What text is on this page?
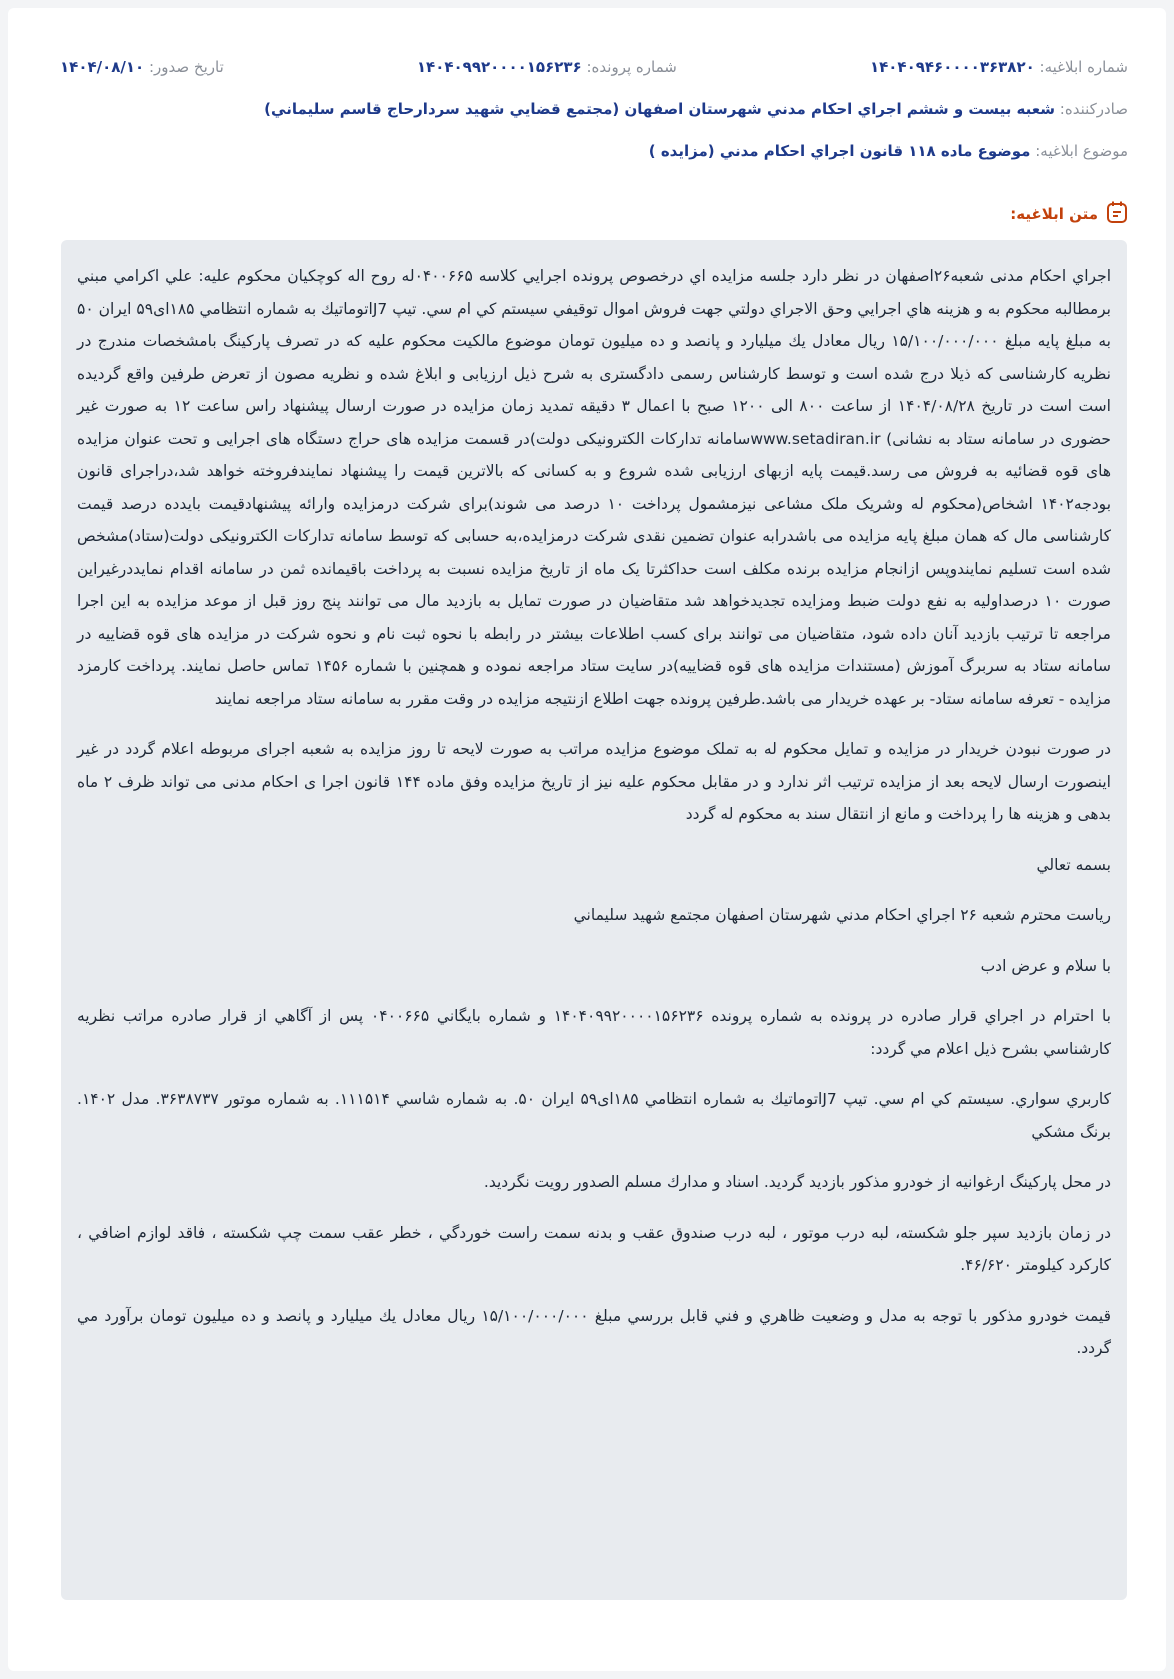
شماره ابلاغیه: ۱۴۰۴۰۹۴۶۰۰۰۰۳۶۳۸۲۰
شماره پرونده: ۱۴۰۴۰۹۹۲۰۰۰۰۱۵۶۲۳۶
تاریخ صدور: ۱۴۰۴/۰۸/۱۰
صادرکننده: شعبه بيست و ششم اجراي احكام مدني شهرستان اصفهان (مجتمع قضايي شهيد سردارحاج قاسم سليماني)
موضوع ابلاغیه: موضوع ماده ۱۱۸ قانون اجراي احكام مدني (مزايده )
متن ابلاغیه:

اجراي احكام مدنی شعبه۲۶اصفهان در نظر دارد جلسه مزايده اي درخصوص پرونده اجرايي كلاسه ۰۴۰۰۶۶۵له روح اله كوچكيان محكوم عليه: علي اكرامي مبني برمطالبه محكوم به و هزينه هاي اجرايي وحق الاجراي دولتي جهت فروش اموال توقيفي سيستم كي ام سي. تيپ J7اتوماتيك به شماره انتظامي ۱۸۵ای۵۹ ايران ۵۰ به مبلغ پايه مبلغ ۱۵/۱۰۰/۰۰۰/۰۰۰ ريال معادل يك ميليارد و پانصد و ده ميليون تومان موضوع مالكيت محكوم عليه كه در تصرف پاركينگ بامشخصات مندرج در نظريه كارشناسی كه ذيلا درج شده است و توسط كارشناس رسمی دادگستری به شرح ذيل ارزيابی و ابلاغ شده و نظريه مصون از تعرض طرفين واقع گرديده است است در تاريخ ۱۴۰۴/۰۸/۲۸ از ساعت ۸۰۰ الی ۱۲۰۰ صبح با اعمال ۳ دقيقه تمديد زمان مزايده در صورت ارسال پيشنهاد راس ساعت ۱۲ به صورت غير حضوری در سامانه ستاد به نشانی) www.setadiran.irسامانه تداركات الكترونيكی دولت)در قسمت مزايده های حراج دستگاه های اجرايی و تحت عنوان مزايده های قوه قضائيه به فروش می رسد.قيمت پايه ازبهای ارزيابی شده شروع و به كسانی كه بالاترين قيمت را پيشنهاد نمايندفروخته خواهد شد،دراجرای قانون بودجه۱۴۰۲ اشخاص(محكوم له وشريک ملک مشاعی نيزمشمول پرداخت ۱۰ درصد می شوند)برای شركت درمزايده وارائه پيشنهادقيمت بايدده درصد قيمت كارشناسی مال كه همان مبلغ پايه مزايده می باشدرابه عنوان تضمين نقدی شركت درمزايده،به حسابی كه توسط سامانه تداركات الكترونيكی دولت(ستاد)مشخص شده است تسليم نمايندوپس ازانجام مزايده برنده مكلف است حداكثرتا يک ماه از تاريخ مزايده نسبت به پرداخت باقيمانده ثمن در سامانه اقدام نمايددرغيراين صورت ۱۰ درصداوليه به نفع دولت ضبط ومزايده تجديدخواهد شد متقاضيان در صورت تمايل به بازديد مال می توانند پنج روز قبل از موعد مزايده به اين اجرا مراجعه تا ترتيب بازديد آنان داده شود، متقاضيان می توانند برای كسب اطلاعات بيشتر در رابطه با نحوه ثبت نام و نحوه شركت در مزايده های قوه قضاييه در سامانه ستاد به سربرگ آموزش (مستندات مزايده های قوه قضاييه)در سايت ستاد مراجعه نموده و همچنين با شماره ۱۴۵۶ تماس حاصل نمايند. پرداخت كارمزد مزايده - تعرفه سامانه ستاد- بر عهده خريدار می باشد.طرفين پرونده جهت اطلاع ازنتيجه مزايده در وقت مقرر به سامانه ستاد مراجعه نمايند

در صورت نبودن خريدار در مزايده و تمايل محكوم له به تملک موضوع مزايده مراتب به صورت لايحه تا روز مزايده به شعبه اجرای مربوطه اعلام گردد در غير اينصورت ارسال لايحه بعد از مزايده ترتيب اثر ندارد و در مقابل محكوم عليه نيز از تاريخ مزايده وفق ماده ۱۴۴ قانون اجرا ی احكام مدنی می تواند ظرف ۲ ماه بدهی و هزينه ها را پرداخت و مانع از انتقال سند به محكوم له گردد

بسمه تعالي

رياست محترم شعبه ۲۶ اجراي احكام مدني شهرستان اصفهان مجتمع شهيد سليماني

با سلام و عرض ادب

با احترام در اجراي قرار صادره در پرونده به شماره پرونده ۱۴۰۴۰۹۹۲۰۰۰۰۱۵۶۲۳۶ و شماره بايگاني ۰۴۰۰۶۶۵ پس از آگاهي از قرار صادره مراتب نظريه كارشناسي بشرح ذيل اعلام مي گردد:

كاربري سواري. سيستم كي ام سي. تيپ J7اتوماتيك به شماره انتظامي ۱۸۵ای۵۹ ايران ۵۰. به شماره شاسي ۱۱۱۵۱۴. به شماره موتور ۳۶۳۸۷۳۷. مدل ۱۴۰۲. برنگ مشكي

در محل پاركينگ ارغوانيه از خودرو مذكور بازديد گرديد. اسناد و مدارك مسلم الصدور رويت نگرديد.

در زمان بازديد سپر جلو شكسته، لبه درب موتور ، لبه درب صندوق عقب و بدنه سمت راست خوردگي ، خطر عقب سمت چپ شكسته ، فاقد لوازم اضافي ، كاركرد كيلومتر ۴۶/۶۲۰.

قيمت خودرو مذكور با توجه به مدل و وضعيت ظاهري و فني قابل بررسي مبلغ ۱۵/۱۰۰/۰۰۰/۰۰۰ ريال معادل يك ميليارد و پانصد و ده ميليون تومان برآورد مي گردد.
